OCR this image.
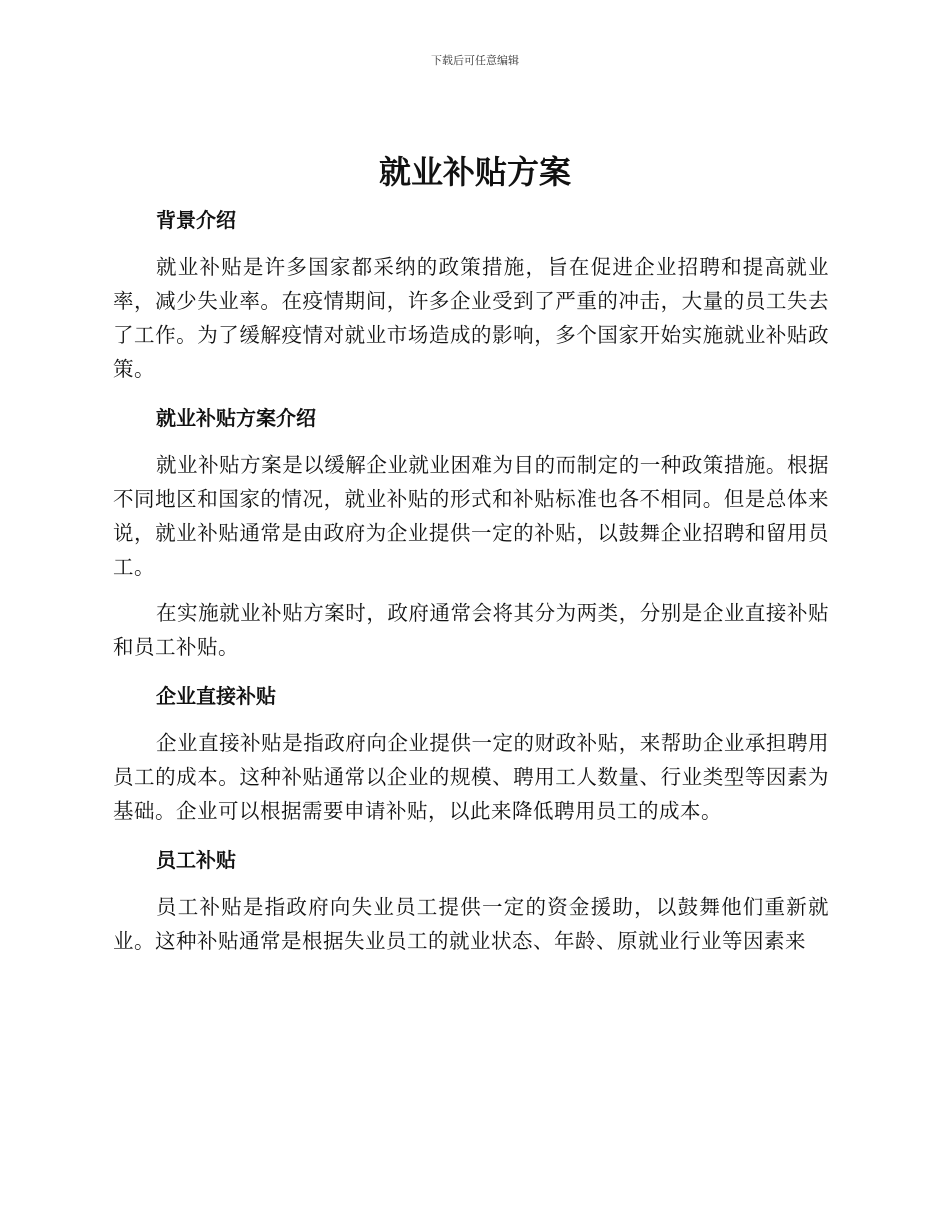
下载后可任意编辑
就业补贴方案
背景介绍

就业补贴是许多国家都采纳的政策措施，旨在促进企业招聘和提高就业率，减少失业率。在疫情期间，许多企业受到了严重的冲击，大量的员工失去了工作。为了缓解疫情对就业市场造成的影响，多个国家开始实施就业补贴政策。

就业补贴方案介绍

就业补贴方案是以缓解企业就业困难为目的而制定的一种政策措施。根据不同地区和国家的情况，就业补贴的形式和补贴标准也各不相同。但是总体来说，就业补贴通常是由政府为企业提供一定的补贴，以鼓舞企业招聘和留用员工。

在实施就业补贴方案时，政府通常会将其分为两类，分别是企业直接补贴和员工补贴。

企业直接补贴

企业直接补贴是指政府向企业提供一定的财政补贴，来帮助企业承担聘用员工的成本。这种补贴通常以企业的规模、聘用工人数量、行业类型等因素为基础。企业可以根据需要申请补贴，以此来降低聘用员工的成本。

员工补贴

员工补贴是指政府向失业员工提供一定的资金援助，以鼓舞他们重新就业。这种补贴通常是根据失业员工的就业状态、年龄、原就业行业等因素来
